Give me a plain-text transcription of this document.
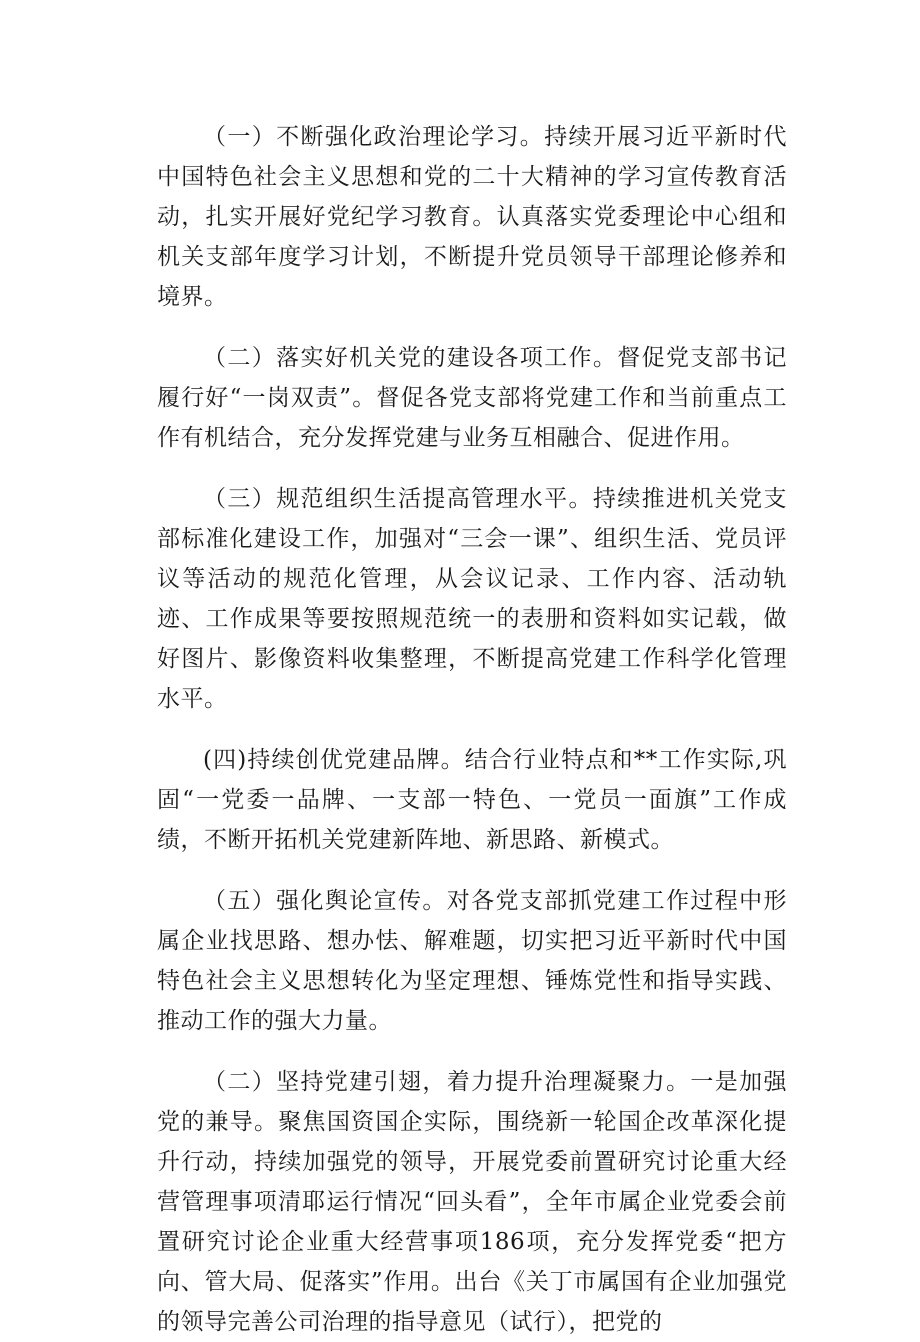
（一）不断强化政治理论学习。持续开展习近平新时代中国特色社会主义思想和党的二十大精神的学习宣传教育活动，扎实开展好党纪学习教育。认真落实党委理论中心组和机关支部年度学习计划，不断提升党员领导干部理论修养和境界。

（二）落实好机关党的建设各项工作。督促党支部书记履行好“一岗双责”。督促各党支部将党建工作和当前重点工作有机结合，充分发挥党建与业务互相融合、促进作用。

（三）规范组织生活提高管理水平。持续推进机关党支部标准化建设工作，加强对“三会一课”、组织生活、党员评议等活动的规范化管理，从会议记录、工作内容、活动轨迹、工作成果等要按照规范统一的表册和资料如实记载，做好图片、影像资料收集整理，不断提高党建工作科学化管理水平。

(四)持续创优党建品牌。结合行业特点和**工作实际,巩固“一党委一品牌、一支部一特色、一党员一面旗”工作成绩，不断开拓机关党建新阵地、新思路、新模式。

（五）强化舆论宣传。对各党支部抓党建工作过程中形属企业找思路、想办怯、解难题，切实把习近平新时代中国特色社会主义思想转化为坚定理想、锤炼党性和指导实践、推动工作的强大力量。

（二）坚持党建引翅，着力提升治理凝聚力。一是加强党的兼导。聚焦国资国企实际，围绕新一轮国企改革深化提升行动，持续加强党的领导，开展党委前置研究讨论重大经营管理事项清耶运行情况“回头看”，全年市属企业党委会前置研究讨论企业重大经营事项186项，充分发挥党委“把方向、管大局、促落实”作用。出台《关丁市属国有企业加强党的领导完善公司治理的指导意见（试行），把党的
